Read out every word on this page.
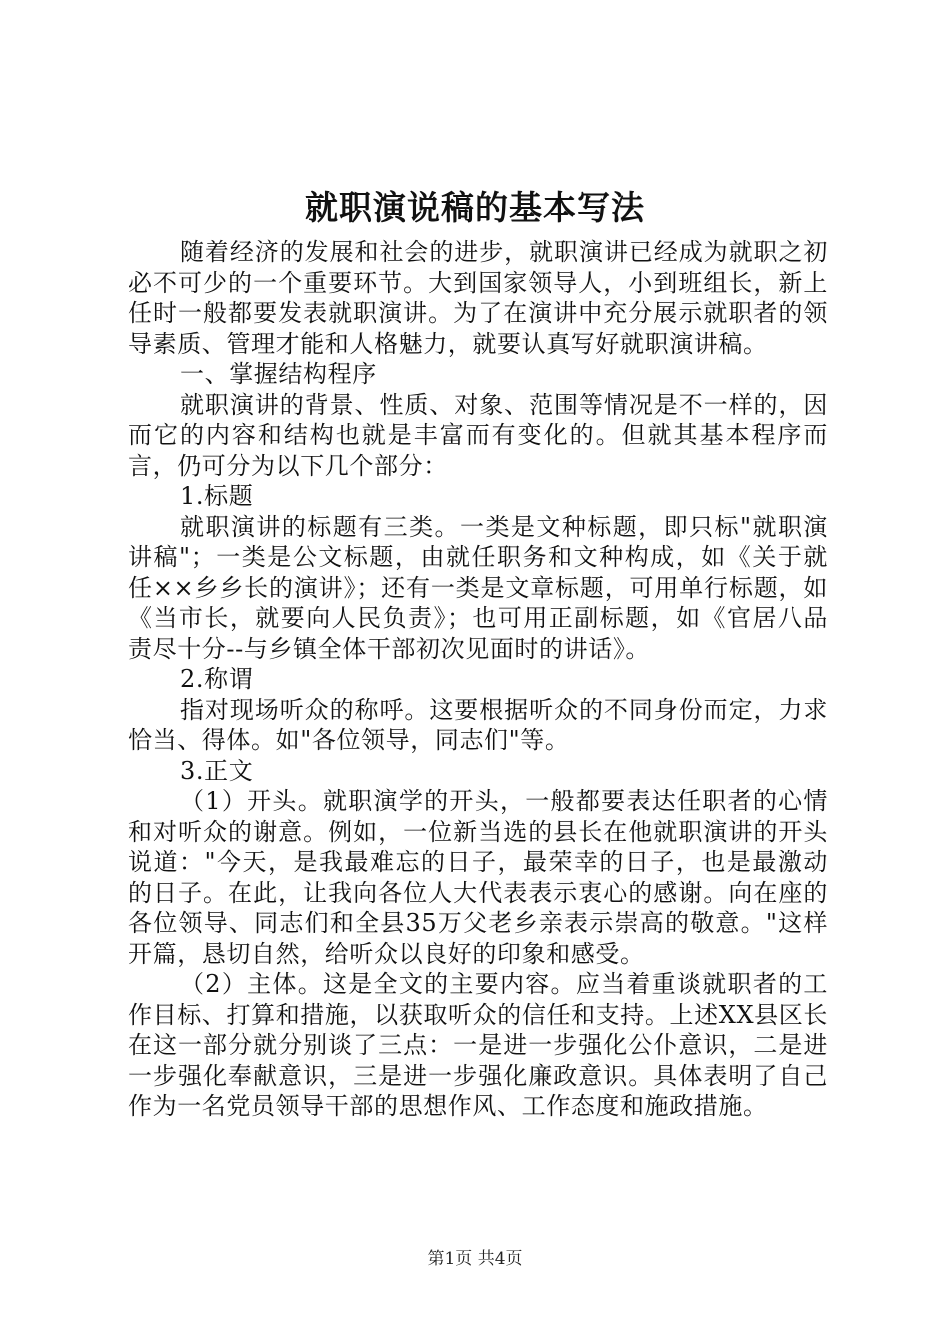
就职演说稿的基本写法

随着经济的发展和社会的进步，就职演讲已经成为就职之初必不可少的一个重要环节。大到国家领导人，小到班组长，新上任时一般都要发表就职演讲。为了在演讲中充分展示就职者的领导素质、管理才能和人格魅力，就要认真写好就职演讲稿。

一、掌握结构程序

就职演讲的背景、性质、对象、范围等情况是不一样的，因而它的内容和结构也就是丰富而有变化的。但就其基本程序而言，仍可分为以下几个部分：

1.标题

就职演讲的标题有三类。一类是文种标题，即只标"就职演讲稿"；一类是公文标题，由就任职务和文种构成，如《关于就任××乡乡长的演讲》；还有一类是文章标题，可用单行标题，如《当市长，就要向人民负责》；也可用正副标题，如《官居八品责尽十分--与乡镇全体干部初次见面时的讲话》。

2.称谓

指对现场听众的称呼。这要根据听众的不同身份而定，力求恰当、得体。如"各位领导，同志们"等。

3.正文

（1）开头。就职演学的开头，一般都要表达任职者的心情和对听众的谢意。例如，一位新当选的县长在他就职演讲的开头说道："今天，是我最难忘的日子，最荣幸的日子，也是最激动的日子。在此，让我向各位人大代表表示衷心的感谢。向在座的各位领导、同志们和全县35万父老乡亲表示崇高的敬意。"这样开篇，恳切自然，给听众以良好的印象和感受。

（2）主体。这是全文的主要内容。应当着重谈就职者的工作目标、打算和措施，以获取听众的信任和支持。上述XX县区长在这一部分就分别谈了三点：一是进一步强化公仆意识，二是进一步强化奉献意识，三是进一步强化廉政意识。具体表明了自己作为一名党员领导干部的思想作风、工作态度和施政措施。

第1页 共4页
